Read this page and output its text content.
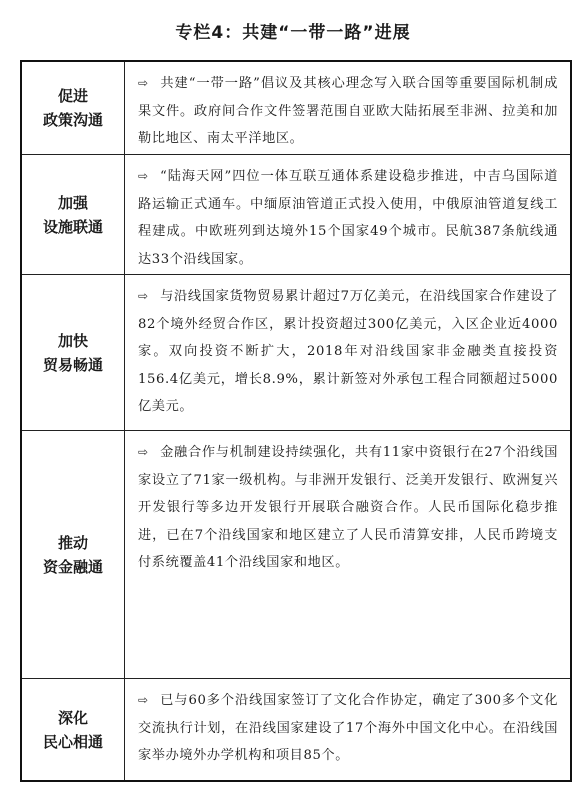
专栏4：共建“一带一路”进展
促进
政策沟通
⇨ 共建“一带一路”倡议及其核心理念写入联合国等重要国际机制成果文件。政府间合作文件签署范围自亚欧大陆拓展至非洲、拉美和加勒比地区、南太平洋地区。
加强
设施联通
⇨ “陆海天网”四位一体互联互通体系建设稳步推进，中吉乌国际道路运输正式通车。中缅原油管道正式投入使用，中俄原油管道复线工程建成。中欧班列到达境外15个国家49个城市。民航387条航线通达33个沿线国家。
加快
贸易畅通
⇨ 与沿线国家货物贸易累计超过7万亿美元，在沿线国家合作建设了82个境外经贸合作区，累计投资超过300亿美元，入区企业近4000家。双向投资不断扩大，2018年对沿线国家非金融类直接投资156.4亿美元，增长8.9%，累计新签对外承包工程合同额超过5000亿美元。
推动
资金融通
⇨ 金融合作与机制建设持续强化，共有11家中资银行在27个沿线国家设立了71家一级机构。与非洲开发银行、泛美开发银行、欧洲复兴开发银行等多边开发银行开展联合融资合作。人民币国际化稳步推进，已在7个沿线国家和地区建立了人民币清算安排，人民币跨境支付系统覆盖41个沿线国家和地区。
深化
民心相通
⇨ 已与60多个沿线国家签订了文化合作协定，确定了300多个文化交流执行计划，在沿线国家建设了17个海外中国文化中心。在沿线国家举办境外办学机构和项目85个。
